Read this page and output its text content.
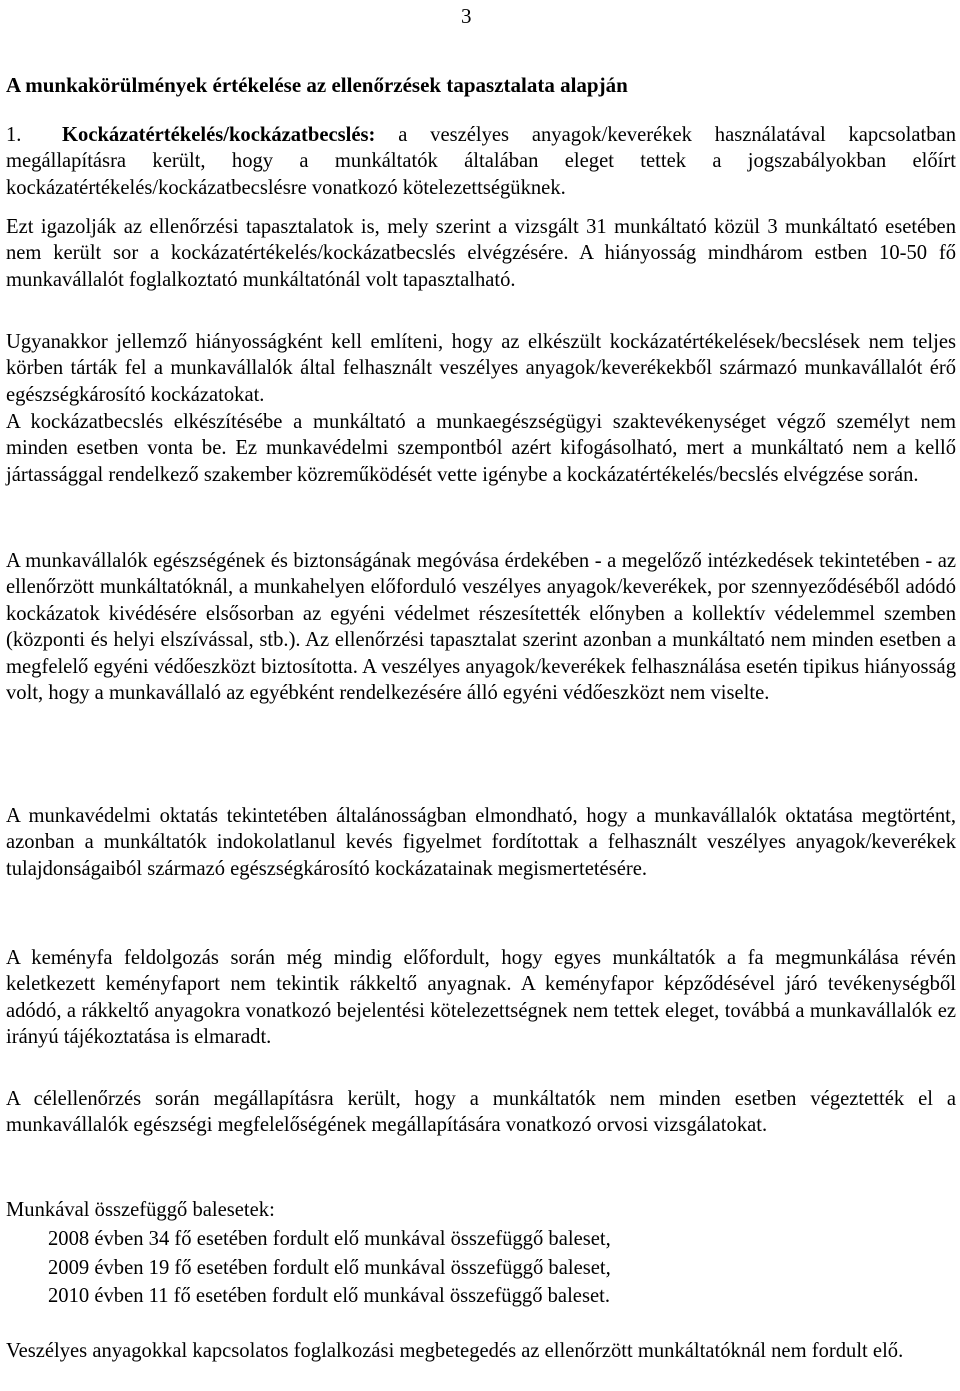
3
A munkakörülmények értékelése az ellenőrzések tapasztalata alapján

1. Kockázatértékelés/kockázatbecslés: a veszélyes anyagok/keverékek használatával kapcsolatban megállapításra került, hogy a munkáltatók általában eleget tettek a jogszabályokban előírt kockázatértékelés/kockázatbecslésre vonatkozó kötelezettségüknek.

Ezt igazolják az ellenőrzési tapasztalatok is, mely szerint a vizsgált 31 munkáltató közül 3 munkáltató esetében nem került sor a kockázatértékelés/kockázatbecslés elvégzésére. A hiányosság mindhárom estben 10-50 fő munkavállalót foglalkoztató munkáltatónál volt tapasztalható.

Ugyanakkor jellemző hiányosságként kell említeni, hogy az elkészült kockázatértékelések/becslések nem teljes körben tárták fel a munkavállalók által felhasznált veszélyes anyagok/keverékekből származó munkavállalót érő egészségkárosító kockázatokat.

A kockázatbecslés elkészítésébe a munkáltató a munkaegészségügyi szaktevékenységet végző személyt nem minden esetben vonta be. Ez munkavédelmi szempontból azért kifogásolható, mert a munkáltató nem a kellő jártassággal rendelkező szakember közreműködését vette igénybe a kockázatértékelés/becslés elvégzése során.

A munkavállalók egészségének és biztonságának megóvása érdekében - a megelőző intézkedések tekintetében - az ellenőrzött munkáltatóknál, a munkahelyen előforduló veszélyes anyagok/keverékek, por szennyeződéséből adódó kockázatok kivédésére elsősorban az egyéni védelmet részesítették előnyben a kollektív védelemmel szemben (központi és helyi elszívással, stb.). Az ellenőrzési tapasztalat szerint azonban a munkáltató nem minden esetben a megfelelő egyéni védőeszközt biztosította. A veszélyes anyagok/keverékek felhasználása esetén tipikus hiányosság volt, hogy a munkavállaló az egyébként rendelkezésére álló egyéni védőeszközt nem viselte.

A munkavédelmi oktatás tekintetében általánosságban elmondható, hogy a munkavállalók oktatása megtörtént, azonban a munkáltatók indokolatlanul kevés figyelmet fordítottak a felhasznált veszélyes anyagok/keverékek tulajdonságaiból származó egészségkárosító kockázatainak megismertetésére.

A keményfa feldolgozás során még mindig előfordult, hogy egyes munkáltatók a fa megmunkálása révén keletkezett keményfaport nem tekintik rákkeltő anyagnak. A keményfapor képződésével járó tevékenységből adódó, a rákkeltő anyagokra vonatkozó bejelentési kötelezettségnek nem tettek eleget, továbbá a munkavállalók ez irányú tájékoztatása is elmaradt.

A célellenőrzés során megállapításra került, hogy a munkáltatók nem minden esetben végeztették el a munkavállalók egészségi megfelelőségének megállapítására vonatkozó orvosi vizsgálatokat.

Munkával összefüggő balesetek:

2008 évben 34 fő esetében fordult elő munkával összefüggő baleset,
2009 évben 19 fő esetében fordult elő munkával összefüggő baleset,
2010 évben 11 fő esetében fordult elő munkával összefüggő baleset.

Veszélyes anyagokkal kapcsolatos foglalkozási megbetegedés az ellenőrzött munkáltatóknál nem fordult elő.
